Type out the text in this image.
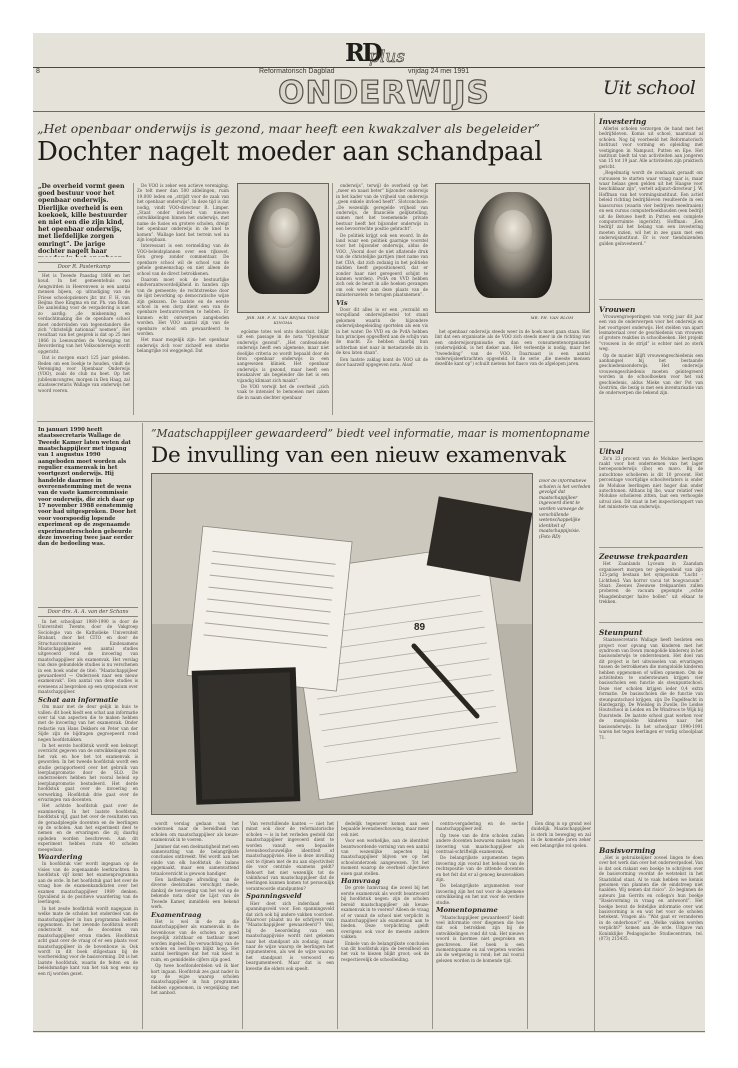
RD
plus
8	Reformatorisch Dagblad	vrijdag 24 mei 1991
ONDERWIJS	Uit school
„Het openbaar onderwijs is gezond, maar heeft een kwakzalver als begeleider”
Dochter nagelt moeder aan schandpaal
„De overheid vormt geen goed bestuur voor het openbaar onderwijs. Dierlijke overheid is een koekoek, kille bestuurder en niet een die zijn kind, het openbaar onderwijs, met liefdelijke zorgen omringt”. De jarige dochter nagelt haar
Door R. Pasterkamp

Het is Tweede Paasdag 1866 en het koud. In het gemeentehuis van Aengwirden in Heerenveen is een aantal mensen bijeen, op uitnodiging van de Friese schoolopzieners jhr. mr. F. H. van Beijma thoe Kingma en mr. Ph. van Blom. De aanleiding voor de vergadering is niet zo aardig: „de miskenning en verdachtmaking die de openbare school moet ondervinden van tegenstanders die zich ”christelijk nationaal” noemen”. Het resultaat van het gesprek is dat op 25 mei 1866 in Leeuwarden de Vereniging tot Bevordering van het Volksonderwijs wordt opgericht.

Dat is morgen exact 125 jaar geleden. Reden om een boekje te houden, vindt de Vereniging voor Openbaar Onderwijs (VOO), zoals de club nu heet. Op het jubileumcongres, morgen in Den Haag, zal staatssecretaris Wallage van onderwijs het woord voeren.

De VOO is zeker een actieve vereniging. Ze telt meer dan 500 afdelingen, ruim 19.000 leden en „strijdt voor de zaak van het openbaar onderwijs”. In deze tijd is dat nodig, vindt VOO-directeur R. Limper. „Staat onder invloed van nieuwe ontwikkelingen binnen het onderwijs, met name de fusies en grotere scholen, dreigt het openbaar onderwijs in de knel te komen”. Wallage kent het terrein wel na zijn loopbaan.

Interessant is een vermelding van de VOO-beleidsplannen over een rijkswet. Een groep zonder commentaar. De openbare school wil de school van de gehele gemeenschap en niet alleen de school van de direct betrokkenen.

Daarom moet ook de bestuurlijke eindverantwoordelijkheid in handen zijn van de gemeente; de rechtstreekse door de lijst bevorking op democratische wijze zijn gekozen. De laatste en de eerste school in een dorp dient een van de openbare bestuursvormen te hebben. Er kunnen echt ontwerpen aangeboden worden. Het VOO aantal zijn van de openbare school om gewaardeerd te worden.

Het maar mogelijk zijn: het openbaar onderwijs zich voor zichzelf een sterke belangrijke rol weggelegd. Dat

JHR. MR. F. H. VAN BEIJMA THOE KINGMA

egoïsme totes wel onto doorsluit, blijkt uit een passage in de nota ”Openbaar onderwijs gezond”. „Het confessionele onderwijs heeft een algemene, maar niet doelijke criteria zo wordt bepaald door de bron openbaar onderwijs in een aangewezen kliniek. Het openbaar onderwijs is gezond, maar heeft een kwakzalver als begeleider die het is een vijandig klimaat zich maakt”.

De VOO verwijt het de overheid „zich vaak te intensief te bemoeien met zaken die in naam slechter openbaar

onderwijs”, terwijl de overheid op het „meer en naast beter” bijzonder onderwijs in het kader van de vrijheid van onderwijs „geen enkele invloed heeft”. Slotconclusie: „De wezenlijk geregelde vrijheid van onderwijs, de financiële gelijkstelling, samen met het toenemende private bestuur heeft het bijzonder onderwijs in een bevoorrechte positie gebracht”.

De politiek krijgt ook een woord. In de land waar een politiek gaarnige voorstel voor het bijzonder onderwijs, aldus de VOO. „Vooral door de niet aflatende druk van de christelijke partijen (met name van het CDA, dat zich zodanig in het politieke midden heeft gepositioneerd, dat er zonder haar niet geregeerd schijnt te kunnen worden). PvdA en VVD hebben zich ook de beurt in alle hoeken gevangen om ook weer aan deze plaats van de ministerszetels te terugen plaatsnemen”.

Vis

Door dit alles is er een „verzuild en verspilland onderwijsbestel tot stand gekomen waarin de bijzondere onderwijsbegeleiding sportelen als een vis in het water. De VVD en de PvdA hebben hun principes opgeofferd aan de schijn van de macht. Zo hebben daarbij hun achterban niet naar in metastatelle zin in de kou laten staan”.

Een laatste zaklag komt de VOO uit de door haarzelf opgegeven nota. Alsof

MR. PH. VAN BLOM

het openbaar onderwijs steeds weer in de hoek moet gaan staan. Het lint dat een organisatie als de VOO zich steeds meer in de richting van een onderwijsorganisatie om dan een consumentenorganisatie (onderwijsklok, is het dieker aan. Het verleentje is nodig, maar het ”tweedeling” van de VOO. Daarnaast is een aantal onderwijsleerkrachten opgesteld. In de serie „die meeste mensen dezelfde kant op”) schuilt nietens het fiasco van de afgelopen jaren.

In januari 1990 heeft staatssecretaris Wallage de Tweede Kamer laten weten dat maatschappijleer met ingang van 1 augustus 1990 aangeboden moet worden als regulier examenvak in het voortgezet onderwijs. Hij handelde daarmee in overeenstemming met de wens van de vaste kamercommissie voor onderwijs, die zich daar op 17 november 1988 eenstemmig voor had uitgesproken. Door het voor voorspoedig lopende experiment op de zogenaamde experimenterscholen gebeurde deze invoering twee jaar eerder dan de bedoeling was.
Door drs. A. A. van der Schans

In het schooljaar 1989-1990 is door de Universiteit Twente, door de Vakgroep Sociologie van de Katholieke Universiteit Brabant, door het CITO en door de Structuurcommissie Eindexamens Maatschappijleer een aantal studies uitgevoerd rond de invoering van maatschappijleer als examenvak. Het verslag van deze gebundelde studies is nu verschenen in een boek onder de titel: ”Maatschappijleer gewaardeerd — Onderzoek naar een nieuw examenvak”. Een aantal van deze studies is eveneens al besproken op een symposium over maatschappijleer.

Schat aan informatie

Om maar met de deur gelijk in huis te vallen: dit boek biedt een schat aan informatie over tal van aspecten die te maken hebben met de invoering van het examenvak. Onder redactie van Hans Dekkers en Peter van der Sijde zijn de bijdragen gegroepeerd rond negen hoofdstukken.

In het eerste hoofdstuk wordt een beknopt overzicht gegeven van de ontwikkelingen rond het vak en hoe het tot examenvak is geworden. In het tweede hoofdstuk wordt een studie gerapporteerd over het gebruik van leerplanpromotie door de SLO. De onderzoekers hebben het vooral beleid op leerplanpromotie bestudeerd. Het derde hoofdstuk gaat over de invoering en verwerking. Hoofdstuk drie gaat over de ervaringen van docenten.

Het achtste hoofdstuk gaat over de examinering. In het laatste hoofdstuk, hoofdstuk vijf, gaat het over de resultaten van de geraadpleegde docenten en de leerlingen op de scholen. Aan het experiment deel te nemen en de ervaringen die zij daarbij opdeden worden beschreven. Aan dit experiment hebben ruim 40 scholen meegedaan.

Waardering

In hoofdstuk vier wordt ingegaan op de visies van de zogenaamde leerkrachten. In hoofdstuk vijf komt het examenprogramma aan de orde. In het hoofdstuk gaat het over de vraag hoe de examenkandidaten over het examen maatschappijleer 1989 denken. Opvallend is de positieve waardering van de leerlingen.

In het zesde hoofdstuk wordt nagegaan in welke mate de scholen het onderdeel van de maatschappijleer in hun programma hebben opgenomen. In het zevende hoofdstuk wordt onderzocht wat de docenten van maatschappijleer ervan vinden. Hoofdstuk acht gaat over de vraag of er een plaats voor maatschappijleer in de bovenbouw is. Ook wordt in dit boek stilgestaan bij de voorbereiding voor de basisvorming. Dit is het laatste hoofdstuk, waarin de feiten en de beleidsmatige kant van het vak nog eens op een rij worden gezet.

”Maatschappijleer gewaardeerd” biedt veel informatie, maar is momentopname
De invulling van een nieuw examenvak
89
Door de informatieve scholen is het verleden gevolgd dat maatschappijleer ingevoerd dient te worden vanwege de verschillende wetenschappelijke identiteit of maatschappijvisie. (Foto RD)

wordt verslag gedaan van het onderzoek naar de bereidheid van scholen om maatschappijleer als keuze-examenvak in te voeren.

Jammer dat een doelmatigheid met een samenvatting van de belangrijkste conclusies ontbreekt. Wel wordt aan het einde van elk hoofdstuk de balans opgemaakt, maar een samenvattend totaaloverzicht is gewoon handiger.

Een lastbehagte afronding van de diverse deelstudies verschijnt mede, dankzij de toevoeging van het wel op de bekende nota door de Lijst van de Tweede Kamer, inmiddels een bekend werk.

Examentraag

Het is wel in de zin die maatschappijleer als examenvak in de bovenbouw van de scholen zo goed mogelijk zichtbaar en tastbaar moet worden ingebed. De verwachting van de scholen en leerlingen blijkt hoog. Het aantal leerlingen dat het vak kiest is ruim, en gemiddelde cijfers zijn goed.

Op twee hoofdonderdelen wil ik hier kort ingaan. Hoofdstuk zes gaat nader in op de wijze waarop scholen maatschappijleer in hun programma hebben opgenomen, in vergelijking met het aanbod.

Van verschillende kanten — niet het minst ook door de reformatorische scholen — is in het verleden gesteld dat maatschappijleer ingevoerd dient te worden vanuit een bepaalde levensbeschouwelijke identiteit of maatschappijvisie. Hoe is deze invulling ooit te rijmen met de nu aan objectiviteit die voor centrale examens geldt? Behoort het niet wezenlijk tot de vakinhoud van maatschappijleer dat de leerlingen kunnen komen tot persoonlijk verantwoorde standpunten?

Spanningsveld

Hier doet zich inderdaad een spanningsveld voor. Een spanningsveld dat zich ook bij andere vakken voordoet. Waarvoor plaatst nu de schrijvers van ”Maatschappijleer gewaardeerd”? Wel, bij de beoordeling van een maatschappijvisie wordt niet gekeken naar het standpunt als zodanig, maar naar de wijze waarop de leerlingen het argumenteren, als wel de wijze waarop het standpunt is verwoord en beargumenteerd. Maar dat is een kwestie die elders ook speelt.

dedelijk tegenover komen aan een bepaalde levensbeschouwing, maar meer ook niet.

Voor een werkelijke, aan de identiteit beantwoordende vorming van een aantal van wezenlijke aspecten bij maatschappijleer blijven we op het schoolonderzoek aangewezen. Tot het moment waarop de overheid objectieve eisen gaat stellen.

Hamvraag

De grote hamvraag die zowel bij het eerste examenvak als wordt beantwoord bij hoofdstuk negen: zijn de scholen bereid maatschappijleer als keuze-examenvak in te voeren? Alleen de vraag of er vanuit de school niet verplicht is maatschappijleer als examenvak aan te bieden. Deze verplichting geldt overigens ook voor de meeste andere vakken.

Enkele van de belangrijkste conclusies van dit hoofdstuk zijn: de bereidheid om het vak te kiezen blijkt groot; ook de respectievelijk de schoolleiding.

centra-vergadering en de sectie maatschappijleer zelf.

Op twee van de drie scholen zullen andere docenten bezwaren maken tegen invoering van maatschappijleer als centraal-schriftelijk examenvak.

De belangrijkste argumenten tegen invoering zijn vooral het behoud van de rechtspositie van de zittende docenten en het feit dat er al genoeg keuzevakken zijn.

De belangrijkste argumenten voor invoering zijn het nut voor de algemene ontwikkeling en het nut voor de verdere studie.

Momentopname

”Maatschappijleer gewaardeerd” biedt veel informatie over diegenen die hoe dat ook betrokken zijn bij de ontwikkelingen rond dit vak. Het nieuwe woord is hiermee niet gesproken en geschreven. Het boek is een momentopname en zal vergeten worden als de wetgeving is rond; het zal vooral gelezen worden in de komende tijd.

Een ding is op grond wel duidelijk. Maatschappijleer is sterk in beweging en zal in de komende jaren zeker een belangrijke rol spelen.

Investering

Allerlei scholen verzorgen de hand met het bedrijfsleven. Komis uit school, naarstaat al scholen. Nog bij voorbeeld het Reformatorisch Instituut voor vorming en opleiding met vestigingen in Nampuut, Putten en Epe. Het instituut biedt tal van activiteiten aan jongeren van 15 tot 19 jaar. Alle activiteiten zijn praktisch gericht.

„Regelmatig wordt de zondaaak geraadt om cursussen te starten waar vraag naar is, maar waar helaas geen gelden uit het Haagse voor beschikbaar zijn”, vertelt adjunct-directeur J. W. Hoffman van het vormingsinstituut. Een actief beleid richting bedrijfsleven resulteerde in een kaascursus (waarin vier bedrijven meedraaien) en een cursus computerboekhouden (een bedrijf uit de Betuwe heeft in Putten een complete computerruimte ingericht). Hoffman: „Een bedrijf zal het belang van een investering moeten inzien, wil het in zee gaan met een onderwijsinstituut. Er is voor tienduizenden gulden geïnvesteerd.”

Vrouwen

Vrouwengroeperingen van vorig jaar dit jaar een van de onderwerpen voor het onderwijs en het voortgezet onderwijs. Het stelden van apart lesmateriaal over de geschiedenis van vrouwen of grotere reakties in schoolboeken. Het projekt ”vrouwen in de strijd” is echter niet zo sterk weg.

Op de manier blijft vrouwengeschiedenis een aanhangsel bij het bestaande geschiedenisonderwijs. Het onderwijs vrouwengeschiedenis moeten geïntegreerd worden in de schoolboeken voor het vak geschiedenis, aldus Mieke van der Pot van Ooström, die bezig is met een inventarisatie van de onderwerpen die bekend zijn.

Uitval

Zo'n 23 procent van de Molukse leerlingen raakt voor het ondernemen van het lager beroepsonderwijs (lbo) en mavo. Bij de autochtone scholieren is dit 10 procent. Het percentage voortijdige schoolverlaters is onder de Molukse leerlingen niet hoger dan onder autochtonen. Althans bij lbo, waar relatief veel Molukse scholieren zitten, laat een verhoogde uitval zien. Dit staat in het inspectierapport van het ministerie van onderwijs.

Zeeuwse trekpaarden

Het Zaanlands Lyceum in Zaandam organiseert morgen ter gelegenheid van zijn 125-jarig bestaan het symposium ”Lucht - Lichtheid. Van horror vacui tot hoogvacuum”. Staat: Zeeuws Zeeuwse trekpaarden zullen proberen de vacuum gepompte „echte Maagdenburger halve bollen” uit elkaar te trekken.

Steunpunt

Staatssecretaris Wallage heeft besloten een project voor opvang van kinderen met het syndroom van Down (mongolide kinderen) in het basisonderwijs te ondersteunen. Het doel van dit project is het uitwisselen van ervaringen tussen de betrokkenen die mongoloïde kinderen hebben opgenomen of willen opnemen. Om de activiteiten te ondersteunen krijgen vier basisscholen een functie als steunpuntschool. Deze vier scholen krijgen ieder 0,4 extra formatie. De basisscholen die de functie van steunpuntschool krijgen, zijn De Fagelfeacht in Hardegarijp, De Wielsleg in Zwolle, De Leidse Houtschool in Leiden en De Windroos te Wijk bij Duurstede. De laatste school gaat werken voor de mongoloïde kinderen naar het basisonderwijs. In het schooljaar 1990-1991 waren het tegen leerlingen er verlig schoolplaat 71.

Basisvorming

„Het is gebruikelijker zoveel lingen te doen over het werk dan over het onderwerpsdoel. Van is dat ook riskant een boekje te schrijven over de basisvorming voordat de wetstekst in het Staatsblad staat. Al te vaak hebben we kennis genomen van plannen die de eindstreep niet haalden. Wij nemen dat risico”. Zo beginnen de auteurs Jan Gerrits en collega's hun boekje ”Basisvorming in vraag en antwoord”. Het boekje bevat de feitelijke informatie over wat basisvorming is en wat het voor de scholen betekent. Vragen als: ”Wat gaat er veranderen in de onderbouw?” en „Welke vakken worden verplicht?” komen aan de orde. Uitgave van Koninklijke Pedagogische Studiecentrum, tel. (073) 215435.
